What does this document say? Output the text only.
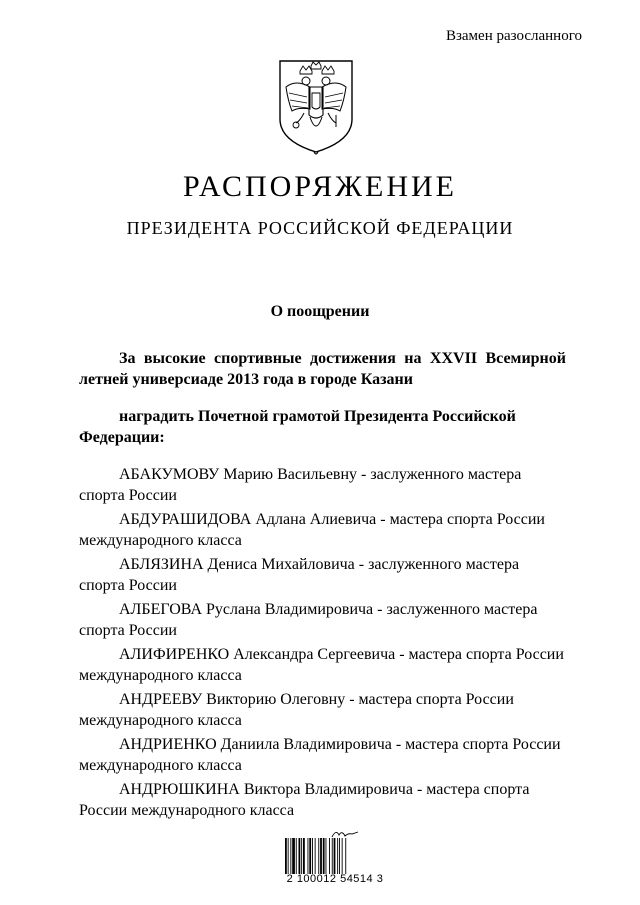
Взамен разосланного
РАСПОРЯЖЕНИЕ
ПРЕЗИДЕНТА РОССИЙСКОЙ ФЕДЕРАЦИИ
О поощрении
За высокие спортивные достижения на XXVII Всемирной летней универсиаде 2013 года в городе Казани
наградить Почетной грамотой Президента Российской Федерации:

АБАКУМОВУ Марию Васильевну - заслуженного мастера спорта России

АБДУРАШИДОВА Адлана Алиевича - мастера спорта России международного класса

АБЛЯЗИНА Дениса Михайловича - заслуженного мастера спорта России

АЛБЕГОВА Руслана Владимировича - заслуженного мастера спорта России

АЛИФИРЕНКО Александра Сергеевича - мастера спорта России международного класса

АНДРЕЕВУ Викторию Олеговну - мастера спорта России международного класса

АНДРИЕНКО Даниила Владимировича - мастера спорта России международного класса

АНДРЮШКИНА Виктора Владимировича - мастера спорта России международного класса

2 100012 54514 3
